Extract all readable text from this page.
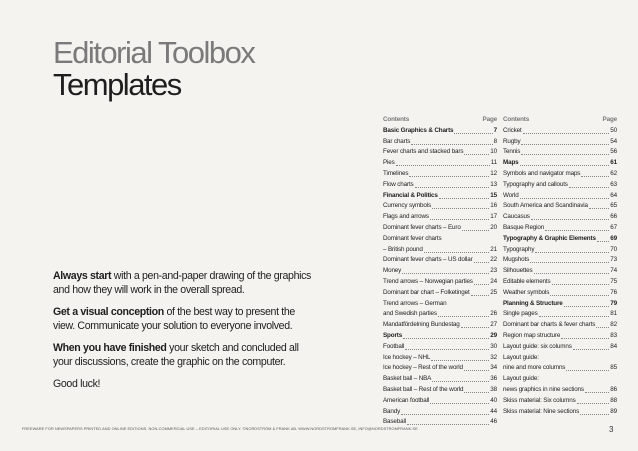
Editorial Toolbox
Templates

Always start with a pen-and-paper drawing of the graphics and how they will work in the overall spread.

Get a visual conception of the best way to present the view. Communicate your solution to everyone involved.

When you have finished your sketch and concluded all your discussions, create the graphic on the computer.

Good luck!

Contents	Page
Basic Graphics & Charts	7
Bar charts	8
Fever charts and stacked bars	10
Pies	11
Timelines	12
Flow charts	13
Financial & Politics	15
Currency symbols	16
Flags and arrows	17
Dominant fever charts – Euro	20
Dominant fever charts
– British pound	21
Dominant fever charts – US dollar	22
Money	23
Trend arrows – Norwegian parties	24
Dominant bar chart – Folketinget	25
Trend arrows – German
and Swedish parties	26
Mandatfördelning Bundestag	27
Sports	29
Football	30
Ice hockey – NHL	32
Ice hockey – Rest of the world	34
Basket ball – NBA	36
Basket ball – Rest of the world	38
American football	40
Bandy	44
Baseball	46
Contents	Page
Cricket	50
Rugby	54
Tennis	56
Maps	61
Symbols and navigator maps	62
Typography and callouts	63
World	64
South America and Scandinavia	65
Caucasus	66
Basque Region	67
Typography & Graphic Elements 69
Typography	70
Mugshots	73
Silhouettes	74
Editable elements	75
Weather symbols	76
Planning & Structure	79
Single pages	81
Dominant bar charts & fever charts 82
Region map structure	83
Layout guide: six columns	84
Layout guide:
nine and more columns	85
Layout guide:
news graphics in nine sections	86
Skiss material: Six columns	88
Skiss material: Nine sections	89
FREEWARE FOR NEWSPAPERS PRINTED AND ONLINE EDITIONS. NON-COMMERCIAL USE – EDITORIAL USE ONLY. ©NORDSTRÖM & FRANK AB, WWW.NORDSTROMFRANK.SE, INFO@NORDSTROMFRANK.SE	3
